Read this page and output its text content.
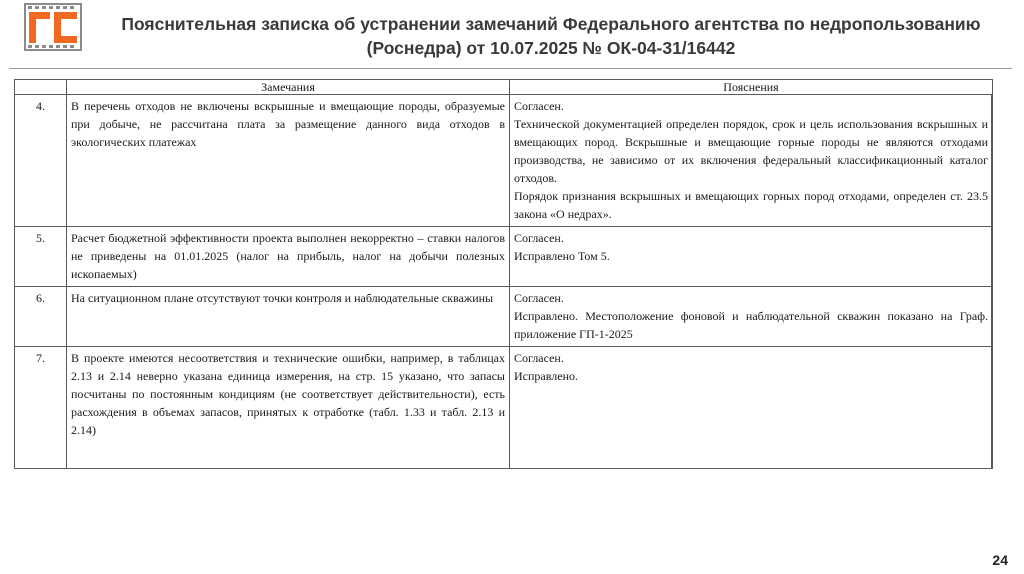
Пояснительная записка об устранении замечаний Федерального агентства по недропользованию (Роснедра) от 10.07.2025 № ОК-04-31/16442
	Замечания	Пояснения
4.	В перечень отходов не включены вскрышные и вмещающие породы, образуемые при добыче, не рассчитана плата за размещение данного вида отходов в экологических платежах	Согласен.
Технической документацией определен порядок, срок и цель использования вскрышных и вмещающих пород. Вскрышные и вмещающие горные породы не являются отходами производства, не зависимо от их включения федеральный классификационный каталог отходов.
Порядок признания вскрышных и вмещающих горных пород отходами, определен ст. 23.5 закона «О недрах».

5.	Расчет бюджетной эффективности проекта выполнен некорректно – ставки налогов не приведены на 01.01.2025 (налог на прибыль, налог на добычи полезных ископаемых)	Согласен.
Исправлено Том 5.

6.	На ситуационном плане отсутствуют точки контроля и наблюдательные скважины	Согласен.
Исправлено. Местоположение фоновой и наблюдательной скважин показано на Граф. приложение ГП-1-2025

7.	В проекте имеются несоответствия и технические ошибки, например, в таблицах 2.13 и 2.14 неверно указана единица измерения, на стр. 15 указано, что запасы посчитаны по постоянным кондициям (не соответствует действительности), есть расхождения в объемах запасов, принятых к отработке (табл. 1.33 и табл. 2.13 и 2.14)	Согласен.
Исправлено.
24
